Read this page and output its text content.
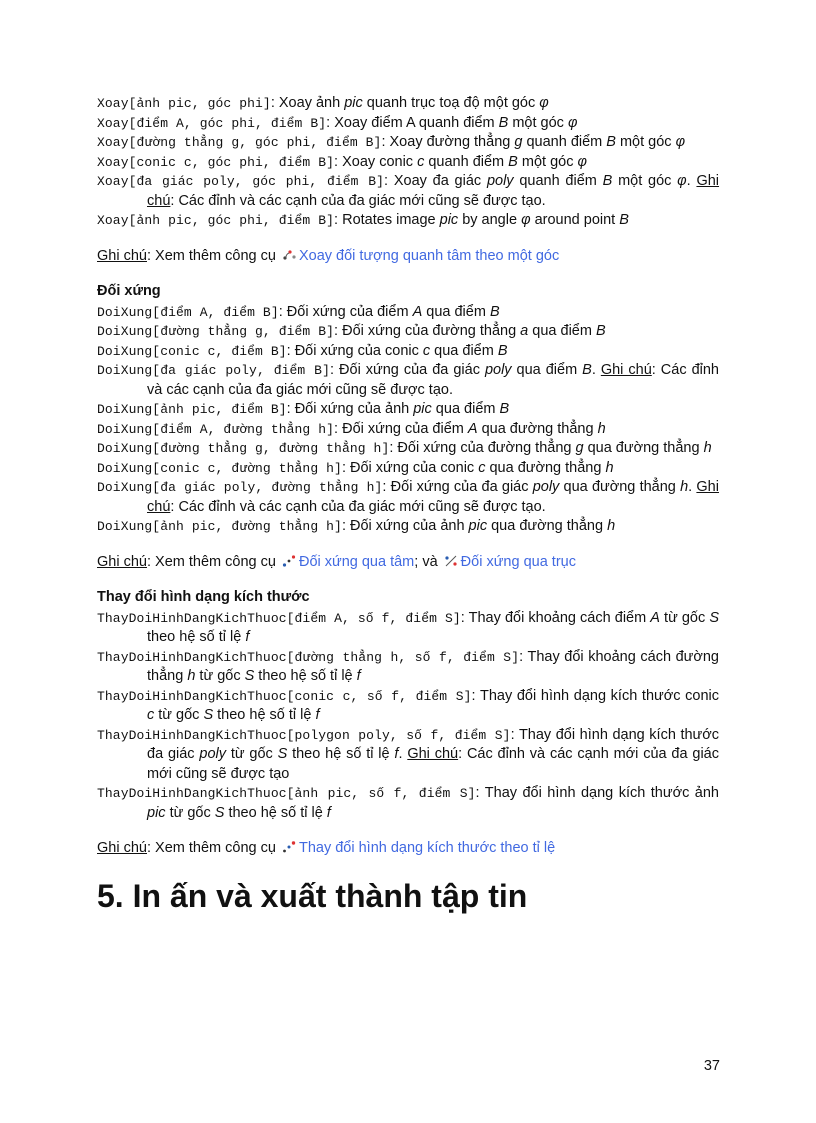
Xoay[ảnh pic, góc phi]: Xoay ảnh pic quanh trục toạ độ một góc φ

Xoay[điểm A, góc phi, điểm B]: Xoay điểm A quanh điểm B một góc φ

Xoay[đường thẳng g, góc phi, điểm B]: Xoay đường thẳng g quanh điểm B một góc φ

Xoay[conic c, góc phi, điểm B]: Xoay conic c quanh điểm B một góc φ

Xoay[đa giác poly, góc phi, điểm B]: Xoay đa giác poly quanh điểm B một góc φ. Ghi chú: Các đỉnh và các cạnh của đa giác mới cũng sẽ được tạo.

Xoay[ảnh pic, góc phi, điểm B]: Rotates image pic by angle φ around point B

Ghi chú: Xem thêm công cụ Xoay đối tượng quanh tâm theo một góc

Đối xứng

DoiXung[điểm A, điểm B]: Đối xứng của điểm A qua điểm B

DoiXung[đường thẳng g, điểm B]: Đối xứng của đường thẳng a qua điểm B

DoiXung[conic c, điểm B]: Đối xứng của conic c qua điểm B

DoiXung[đa giác poly, điểm B]: Đối xứng của đa giác poly qua điểm B. Ghi chú: Các đỉnh và các cạnh của đa giác mới cũng sẽ được tạo.

DoiXung[ảnh pic, điểm B]: Đối xứng của ảnh pic qua điểm B

DoiXung[điểm A, đường thẳng h]: Đối xứng của điểm A qua đường thẳng h

DoiXung[đường thẳng g, đường thẳng h]: Đối xứng của đường thẳng g qua đường thẳng h

DoiXung[conic c, đường thẳng h]: Đối xứng của conic c qua đường thẳng h

DoiXung[đa giác poly, đường thẳng h]: Đối xứng của đa giác poly qua đường thẳng h. Ghi chú: Các đỉnh và các cạnh của đa giác mới cũng sẽ được tạo.

DoiXung[ảnh pic, đường thẳng h]: Đối xứng của ảnh pic qua đường thẳng h

Ghi chú: Xem thêm công cụ Đối xứng qua tâm; và Đối xứng qua trục

Thay đổi hình dạng kích thước

ThayDoiHinhDangKichThuoc[điểm A, số f, điểm S]: Thay đổi khoảng cách điểm A từ gốc S theo hệ số tỉ lệ f

ThayDoiHinhDangKichThuoc[đường thẳng h, số f, điểm S]: Thay đổi khoảng cách đường thẳng h từ gốc S theo hệ số tỉ lệ f

ThayDoiHinhDangKichThuoc[conic c, số f, điểm S]: Thay đổi hình dạng kích thước conic c từ gốc S theo hệ số tỉ lệ f

ThayDoiHinhDangKichThuoc[polygon poly, số f, điểm S]: Thay đổi hình dạng kích thước đa giác poly từ gốc S theo hệ số tỉ lệ f. Ghi chú: Các đỉnh và các cạnh mới của đa giác mới cũng sẽ được tạo

ThayDoiHinhDangKichThuoc[ảnh pic, số f, điểm S]: Thay đổi hình dạng kích thước ảnh pic từ gốc S theo hệ số tỉ lệ f

Ghi chú: Xem thêm công cụ Thay đổi hình dạng kích thước theo tỉ lệ

5. In ấn và xuất thành tập tin
37
